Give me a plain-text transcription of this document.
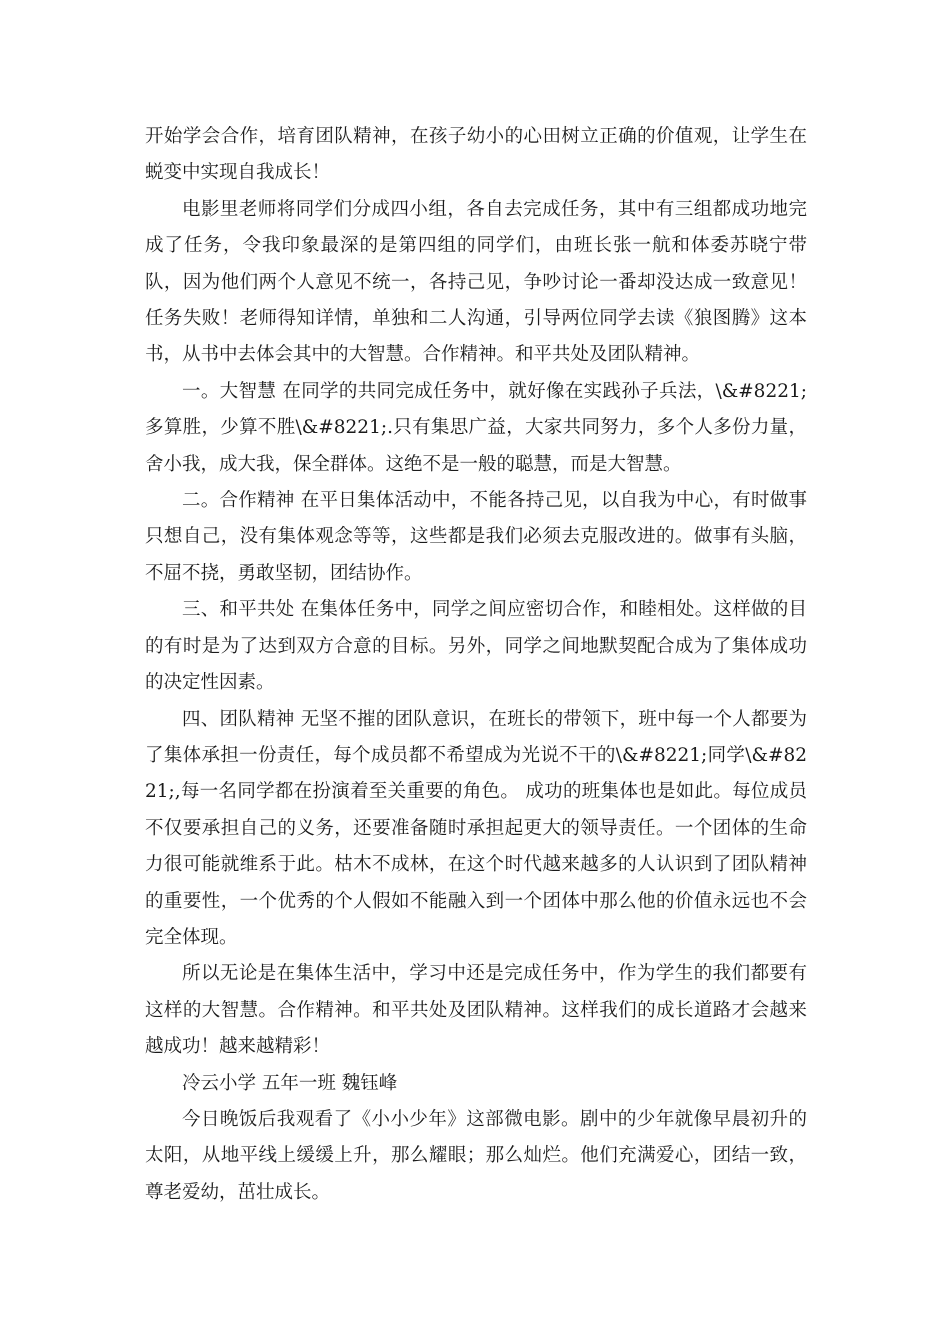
开始学会合作，培育团队精神，在孩子幼小的心田树立正确的价值观，让学生在蜕变中实现自我成长！

电影里老师将同学们分成四小组，各自去完成任务，其中有三组都成功地完成了任务，令我印象最深的是第四组的同学们，由班长张一航和体委苏晓宁带队，因为他们两个人意见不统一，各持己见，争吵讨论一番却没达成一致意见！任务失败！老师得知详情，单独和二人沟通，引导两位同学去读《狼图腾》这本书，从书中去体会其中的大智慧。合作精神。和平共处及团队精神。

一。大智慧 在同学的共同完成任务中，就好像在实践孙子兵法，\&#8221;多算胜，少算不胜\&#8221;.只有集思广益，大家共同努力，多个人多份力量，舍小我，成大我，保全群体。这绝不是一般的聪慧，而是大智慧。

二。合作精神 在平日集体活动中，不能各持己见，以自我为中心，有时做事只想自己，没有集体观念等等，这些都是我们必须去克服改进的。做事有头脑，不屈不挠，勇敢坚韧，团结协作。

三、和平共处 在集体任务中，同学之间应密切合作，和睦相处。这样做的目的有时是为了达到双方合意的目标。另外，同学之间地默契配合成为了集体成功的决定性因素。

四、团队精神 无坚不摧的团队意识，在班长的带领下，班中每一个人都要为了集体承担一份责任，每个成员都不希望成为光说不干的\&#8221;同学\&#8221;,每一名同学都在扮演着至关重要的角色。 成功的班集体也是如此。每位成员不仅要承担自己的义务，还要准备随时承担起更大的领导责任。一个团体的生命力很可能就维系于此。枯木不成林，在这个时代越来越多的人认识到了团队精神的重要性，一个优秀的个人假如不能融入到一个团体中那么他的价值永远也不会完全体现。

所以无论是在集体生活中，学习中还是完成任务中，作为学生的我们都要有这样的大智慧。合作精神。和平共处及团队精神。这样我们的成长道路才会越来越成功！越来越精彩！

冷云小学 五年一班 魏钰峰

今日晚饭后我观看了《小小少年》这部微电影。剧中的少年就像早晨初升的太阳，从地平线上缓缓上升，那么耀眼；那么灿烂。他们充满爱心，团结一致，尊老爱幼，茁壮成长。
